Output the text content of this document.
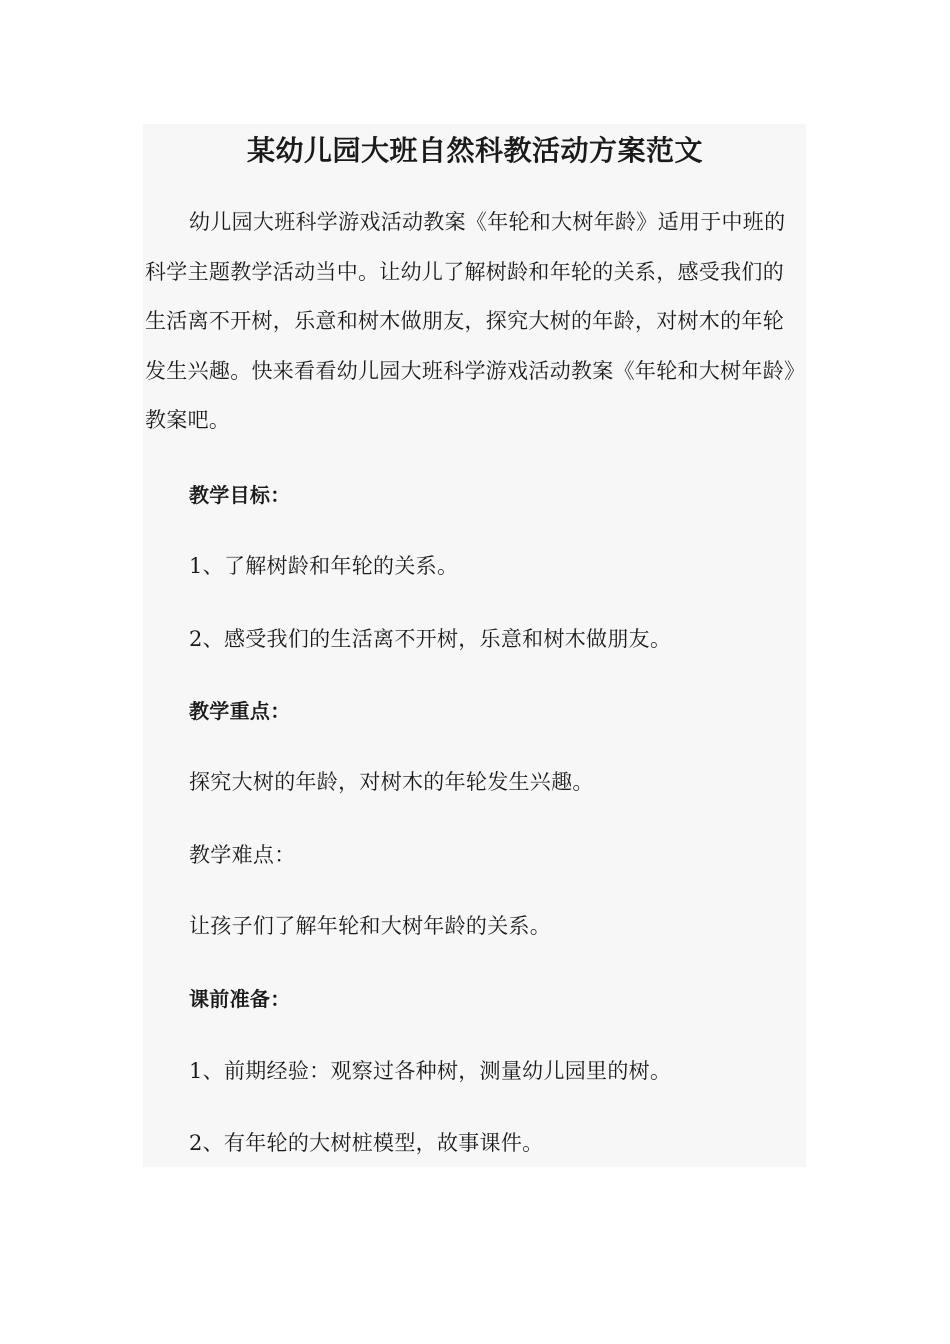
某幼儿园大班自然科教活动方案范文

幼儿园大班科学游戏活动教案《年轮和大树年龄》适用于中班的科学主题教学活动当中。让幼儿了解树龄和年轮的关系，感受我们的生活离不开树，乐意和树木做朋友，探究大树的年龄，对树木的年轮发生兴趣。快来看看幼儿园大班科学游戏活动教案《年轮和大树年龄》教案吧。

教学目标：

1、了解树龄和年轮的关系。

2、感受我们的生活离不开树，乐意和树木做朋友。

教学重点：

探究大树的年龄，对树木的年轮发生兴趣。

教学难点：

让孩子们了解年轮和大树年龄的关系。

课前准备：

1、前期经验：观察过各种树，测量幼儿园里的树。

2、有年轮的大树桩模型，故事课件。
